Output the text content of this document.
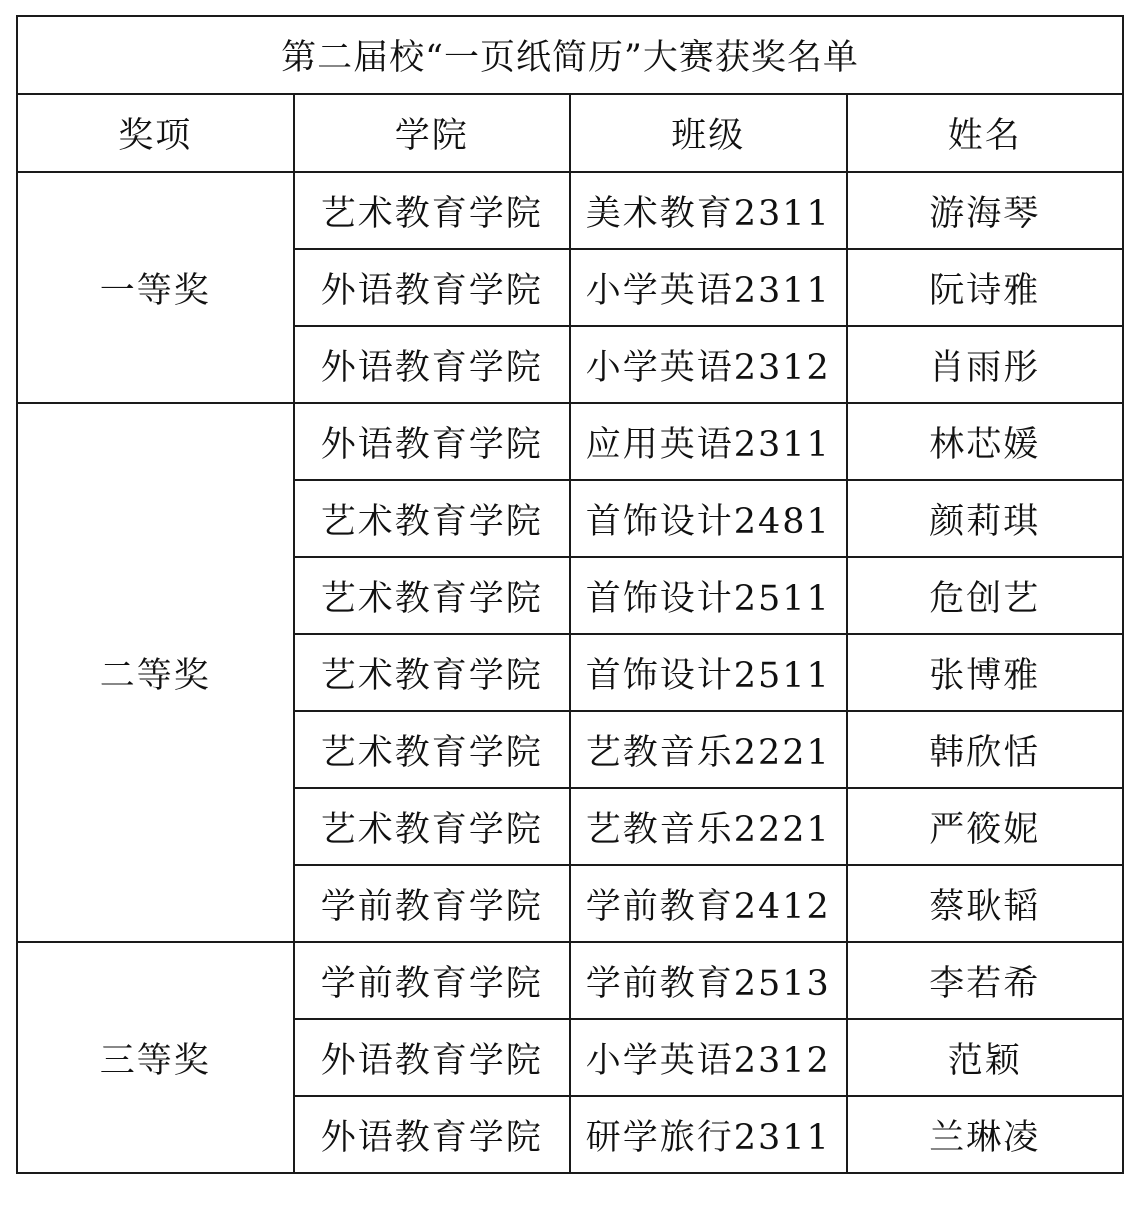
第二届校“一页纸简历”大赛获奖名单			
奖项	学院	班级	姓名
一等奖	艺术教育学院	美术教育2311	游海琴
	外语教育学院	小学英语2311	阮诗雅
	外语教育学院	小学英语2312	肖雨彤
二等奖	外语教育学院	应用英语2311	林芯媛
	艺术教育学院	首饰设计2481	颜莉琪
	艺术教育学院	首饰设计2511	危创艺
	艺术教育学院	首饰设计2511	张博雅
	艺术教育学院	艺教音乐2221	韩欣恬
	艺术教育学院	艺教音乐2221	严筱妮
	学前教育学院	学前教育2412	蔡耿韬
三等奖	学前教育学院	学前教育2513	李若希
	外语教育学院	小学英语2312	范颖
	外语教育学院	研学旅行2311	兰琳凌
